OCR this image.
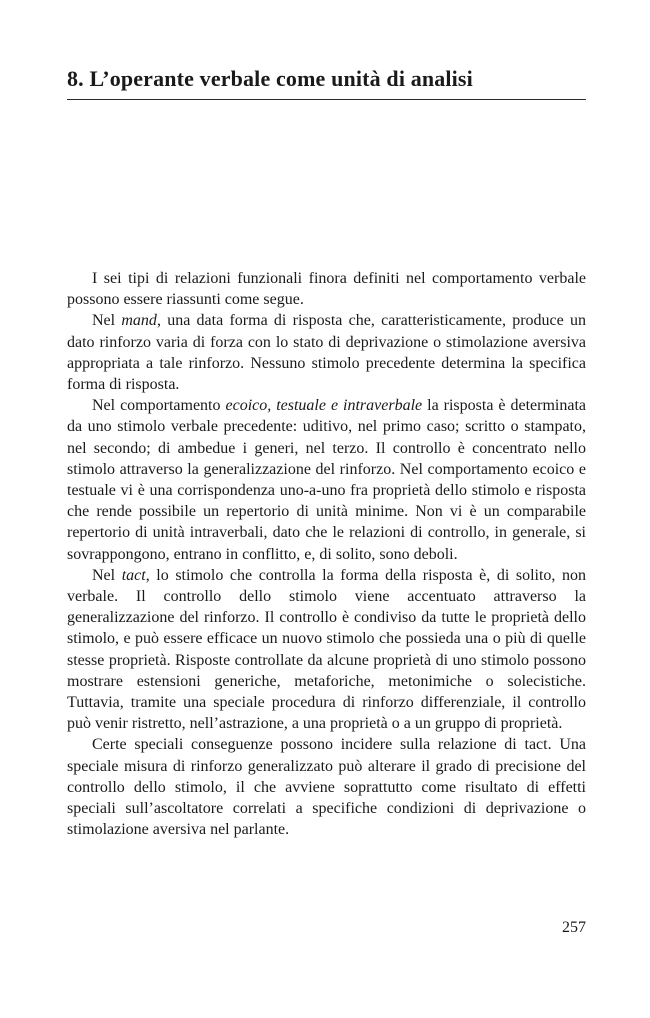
8. L’operante verbale come unità di analisi

I sei tipi di relazioni funzionali finora definiti nel comportamento verbale possono essere riassunti come segue.

Nel mand, una data forma di risposta che, caratteristicamente, produce un dato rinforzo varia di forza con lo stato di deprivazione o stimolazione aversiva appropriata a tale rinforzo. Nessuno stimolo precedente determina la specifica forma di risposta.

Nel comportamento ecoico, testuale e intraverbale la risposta è determinata da uno stimolo verbale precedente: uditivo, nel primo caso; scritto o stampato, nel secondo; di ambedue i generi, nel terzo. Il controllo è concentrato nello stimolo attraverso la generalizzazione del rinforzo. Nel comportamento ecoico e testuale vi è una corrispondenza uno-a-uno fra proprietà dello stimolo e risposta che rende possibile un repertorio di unità minime. Non vi è un comparabile repertorio di unità intraverbali, dato che le relazioni di controllo, in generale, si sovrappongono, entrano in conflitto, e, di solito, sono deboli.

Nel tact, lo stimolo che controlla la forma della risposta è, di solito, non verbale. Il controllo dello stimolo viene accentuato attraverso la generalizzazione del rinforzo. Il controllo è condiviso da tutte le proprietà dello stimolo, e può essere efficace un nuovo stimolo che possieda una o più di quelle stesse proprietà. Risposte controllate da alcune proprietà di uno stimolo possono mostrare estensioni generiche, metaforiche, metonimiche o solecistiche. Tuttavia, tramite una speciale procedura di rinforzo differenziale, il controllo può venir ristretto, nell’astrazione, a una proprietà o a un gruppo di proprietà.

Certe speciali conseguenze possono incidere sulla relazione di tact. Una speciale misura di rinforzo generalizzato può alterare il grado di precisione del controllo dello stimolo, il che avviene soprattutto come risultato di effetti speciali sull’ascoltatore correlati a specifiche condizioni di deprivazione o stimolazione aversiva nel parlante.

257
